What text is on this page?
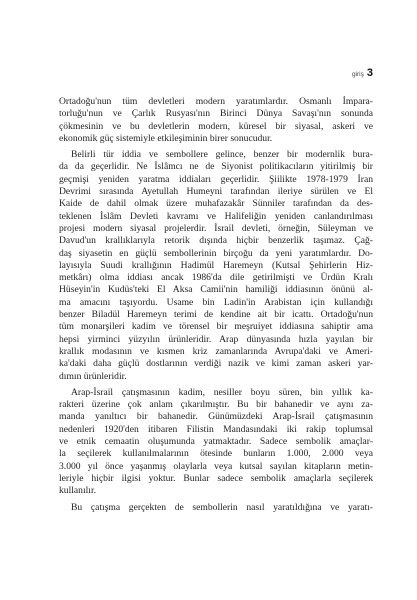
giriş 3

Ortadoğu'nun tüm devletleri modern yaratımlardır. Osmanlı İmpara-
torluğu'nun ve Çarlık Rusyası'nın Birinci Dünya Savaşı'nın sonunda
çökmesinin ve bu devletlerin modern, küresel bir siyasal, askeri ve
ekonomik güç sistemiyle etkileşiminin birer sonucudur.

Belirli tür iddia ve sembollere gelince, benzer bir modernlik bura-
da da geçerlidir. Ne İslâmcı ne de Siyonist politikacıların yitirilmiş bir
geçmişi yeniden yaratma iddiaları geçerlidir. Şiilikte 1978-1979 İran
Devrimi sırasında Ayetullah Humeyni tarafından ileriye sürülen ve El
Kaide de dahil olmak üzere muhafazakâr Sünniler tarafından da des-
teklenen İslâm Devleti kavramı ve Halifeliğin yeniden canlandırılması
projesi modern siyasal projelerdir. İsrail devleti, örneğin, Süleyman ve
Davud'un krallıklarıyla retorik dışında hiçbir benzerlik taşımaz. Çağ-
daş siyasetin en güçlü sembollerinin birçoğu da yeni yaratımlardır. Do-
layısıyla Suudi krallığının Hadimül Haremeyn (Kutsal Şehirlerin Hiz-
metkârı) olma iddiası ancak 1986'da dile getirilmişti ve Ürdün Kralı
Hüseyin'in Kudüs'teki El Aksa Camii'nin hamiliği iddiasının önünü al-
ma amacını taşıyordu. Usame bin Ladin'in Arabistan için kullandığı
benzer Biladül Haremeyn terimi de kendine ait bir icattı. Ortadoğu'nun
tüm monarşileri kadim ve törensel bir meşruiyet iddiasına sahiptir ama
hepsi yirminci yüzyılın ürünleridir. Arap dünyasında hızla yayılan bir
krallık modasının ve kısmen kriz zamanlarında Avrupa'daki ve Ameri-
ka'daki daha güçlü dostlarının verdiği nazik ve kimi zaman askeri yar-
dımın ürünleridir.

Arap-İsrail çatışmasının kadim, nesiller boyu süren, bin yıllık ka-
rakteri üzerine çok anlam çıkarılmıştır. Bu bir bahanedir ve aynı za-
manda yanıltıcı bir bahanedir. Günümüzdeki Arap-İsrail çatışmasının
nedenleri 1920'den itibaren Filistin Mandasındaki iki rakip toplumsal
ve etnik cemaatin oluşumunda yatmaktadır. Sadece sembolik amaçlar-
la seçilerek kullanılmalarının ötesinde bunların 1.000, 2.000 veya
3.000 yıl önce yaşanmış olaylarla veya kutsal sayılan kitapların metin-
leriyle hiçbir ilgisi yoktur. Bunlar sadece sembolik amaçlarla seçilerek
kullanılır.

Bu çatışma gerçekten de sembollerin nasıl yaratıldığına ve yaratı-
